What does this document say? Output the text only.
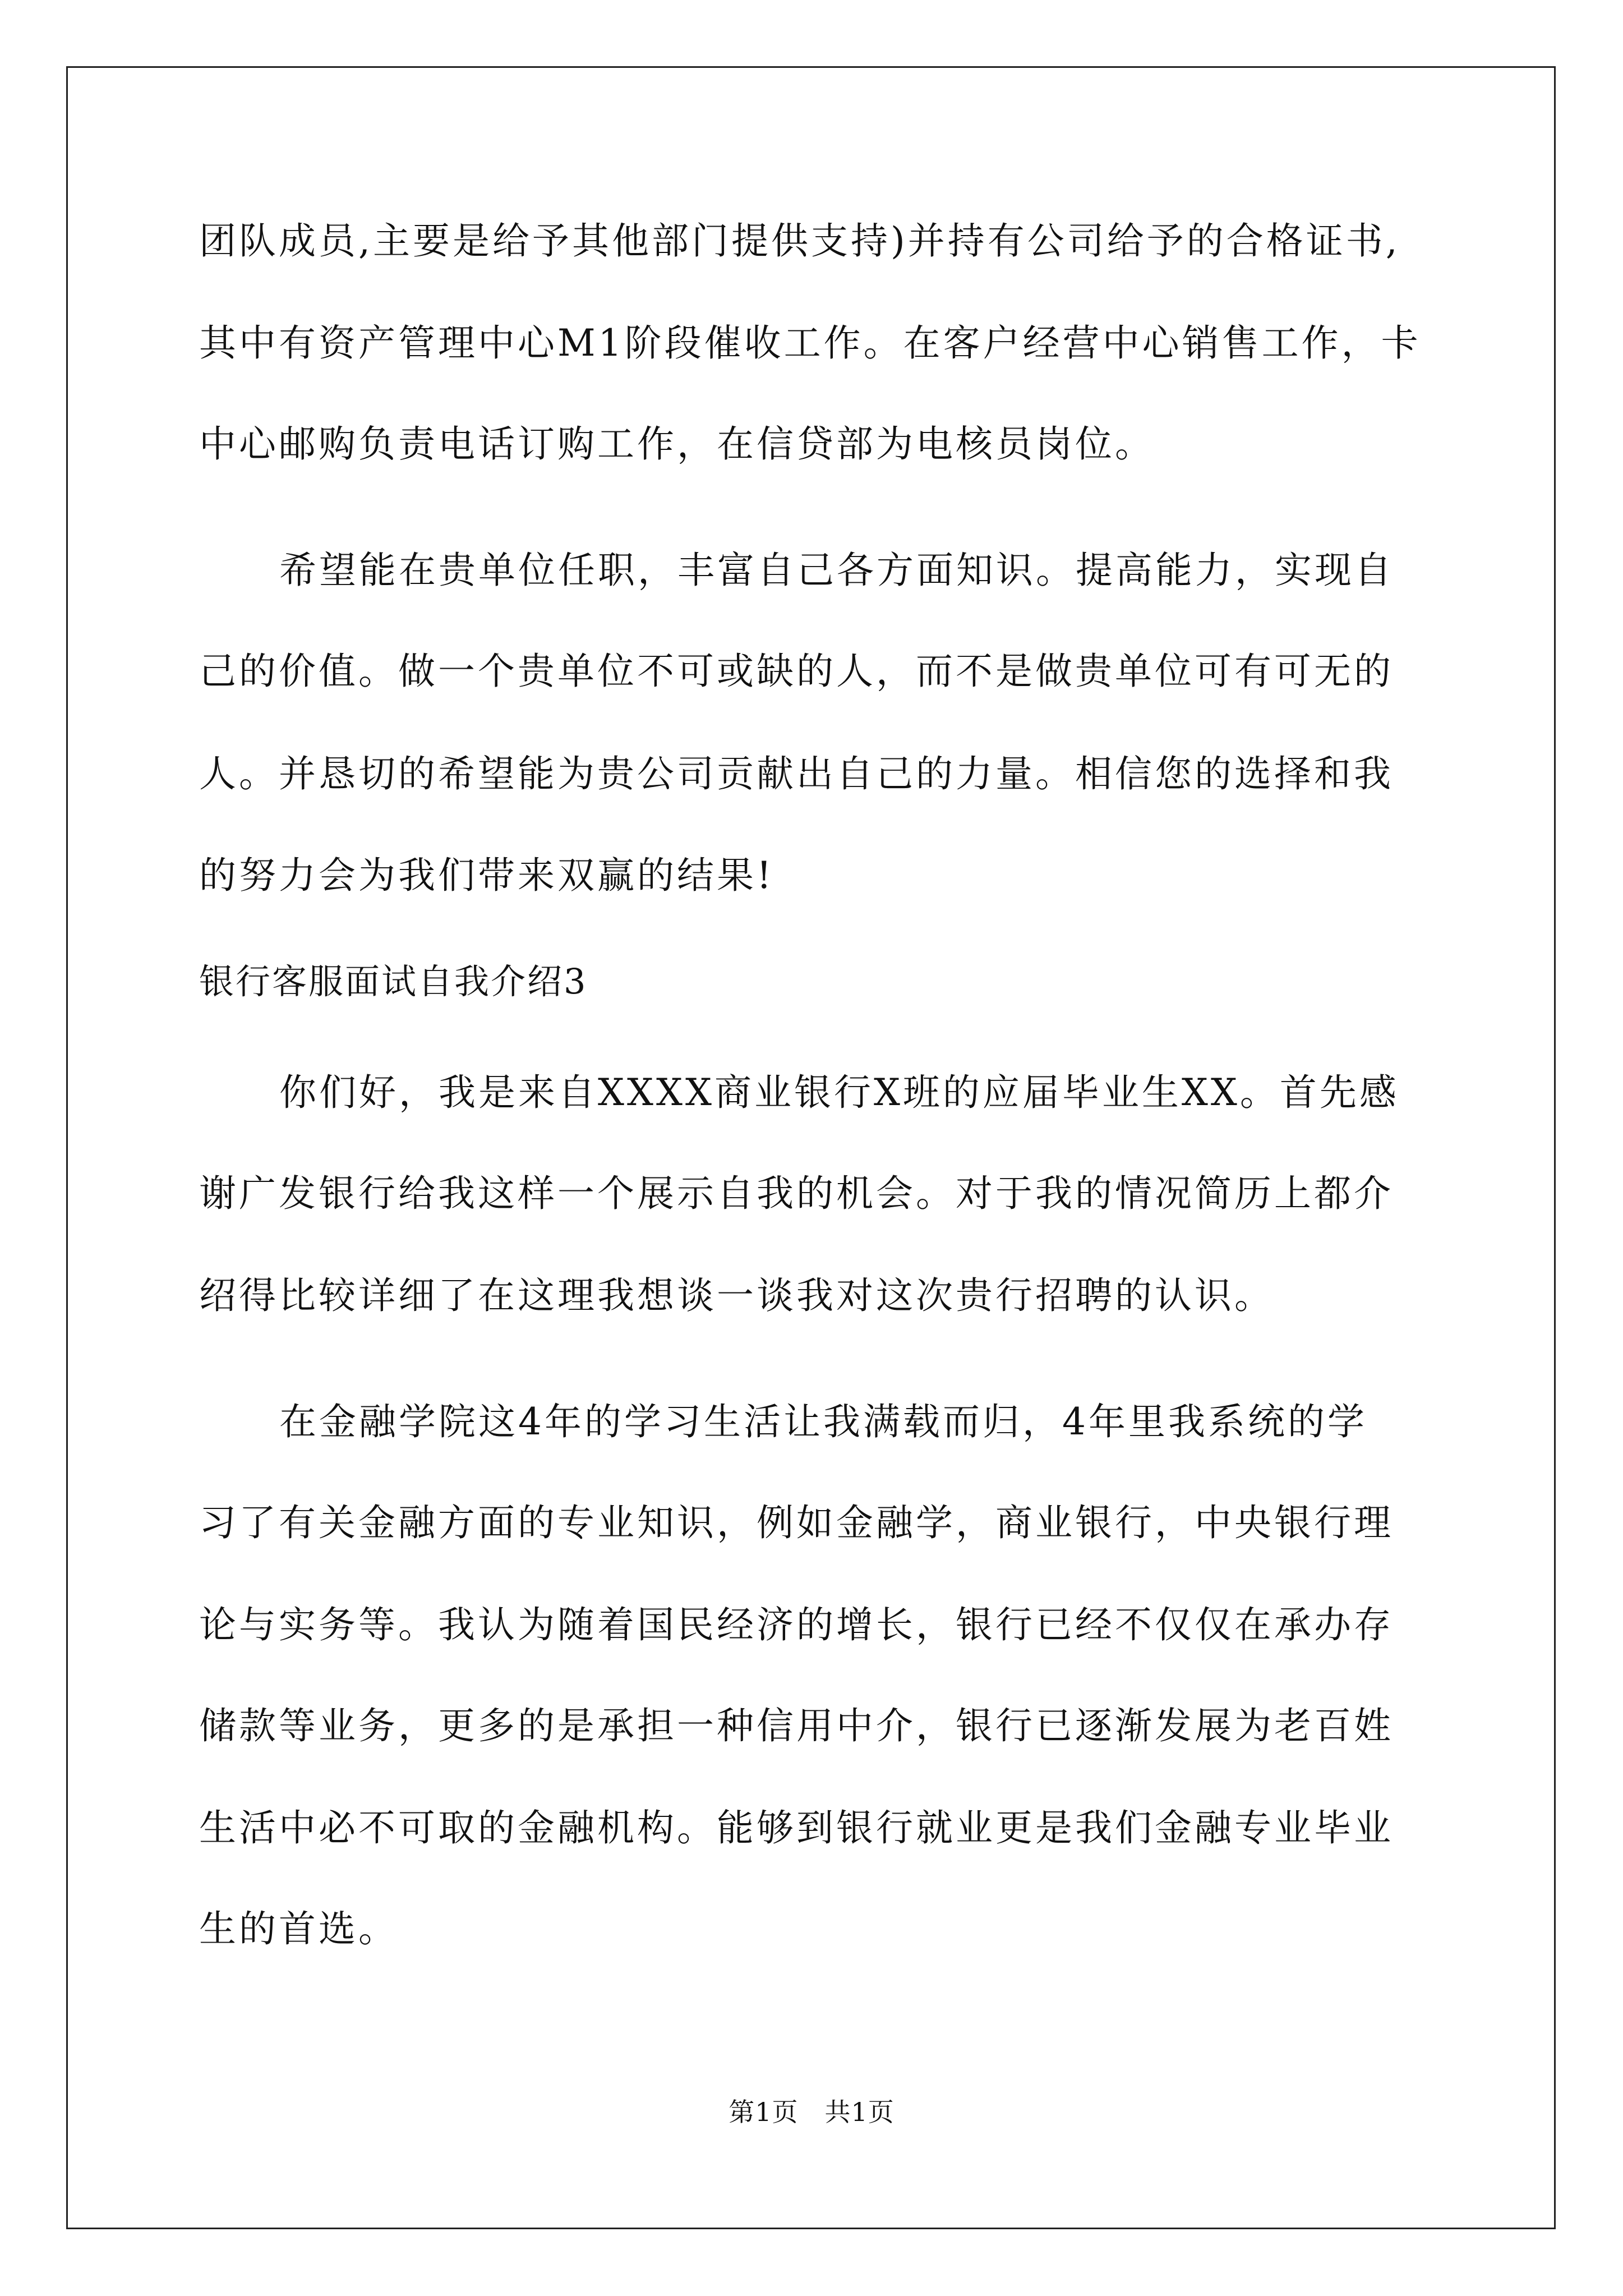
团队成员,主要是给予其他部门提供支持)并持有公司给予的合格证书,
其中有资产管理中心M1阶段催收工作。在客户经营中心销售工作，卡
中心邮购负责电话订购工作，在信贷部为电核员岗位。
希望能在贵单位任职，丰富自己各方面知识。提高能力，实现自
己的价值。做一个贵单位不可或缺的人，而不是做贵单位可有可无的
人。并恳切的希望能为贵公司贡献出自己的力量。相信您的选择和我
的努力会为我们带来双赢的结果!
银行客服面试自我介绍3
你们好，我是来自XXXX商业银行X班的应届毕业生XX。首先感
谢广发银行给我这样一个展示自我的机会。对于我的情况简历上都介
绍得比较详细了在这理我想谈一谈我对这次贵行招聘的认识。
在金融学院这4年的学习生活让我满载而归，4年里我系统的学
习了有关金融方面的专业知识，例如金融学，商业银行，中央银行理
论与实务等。我认为随着国民经济的增长，银行已经不仅仅在承办存
储款等业务，更多的是承担一种信用中介，银行已逐渐发展为老百姓
生活中必不可取的金融机构。能够到银行就业更是我们金融专业毕业
生的首选。
第1页　共1页
